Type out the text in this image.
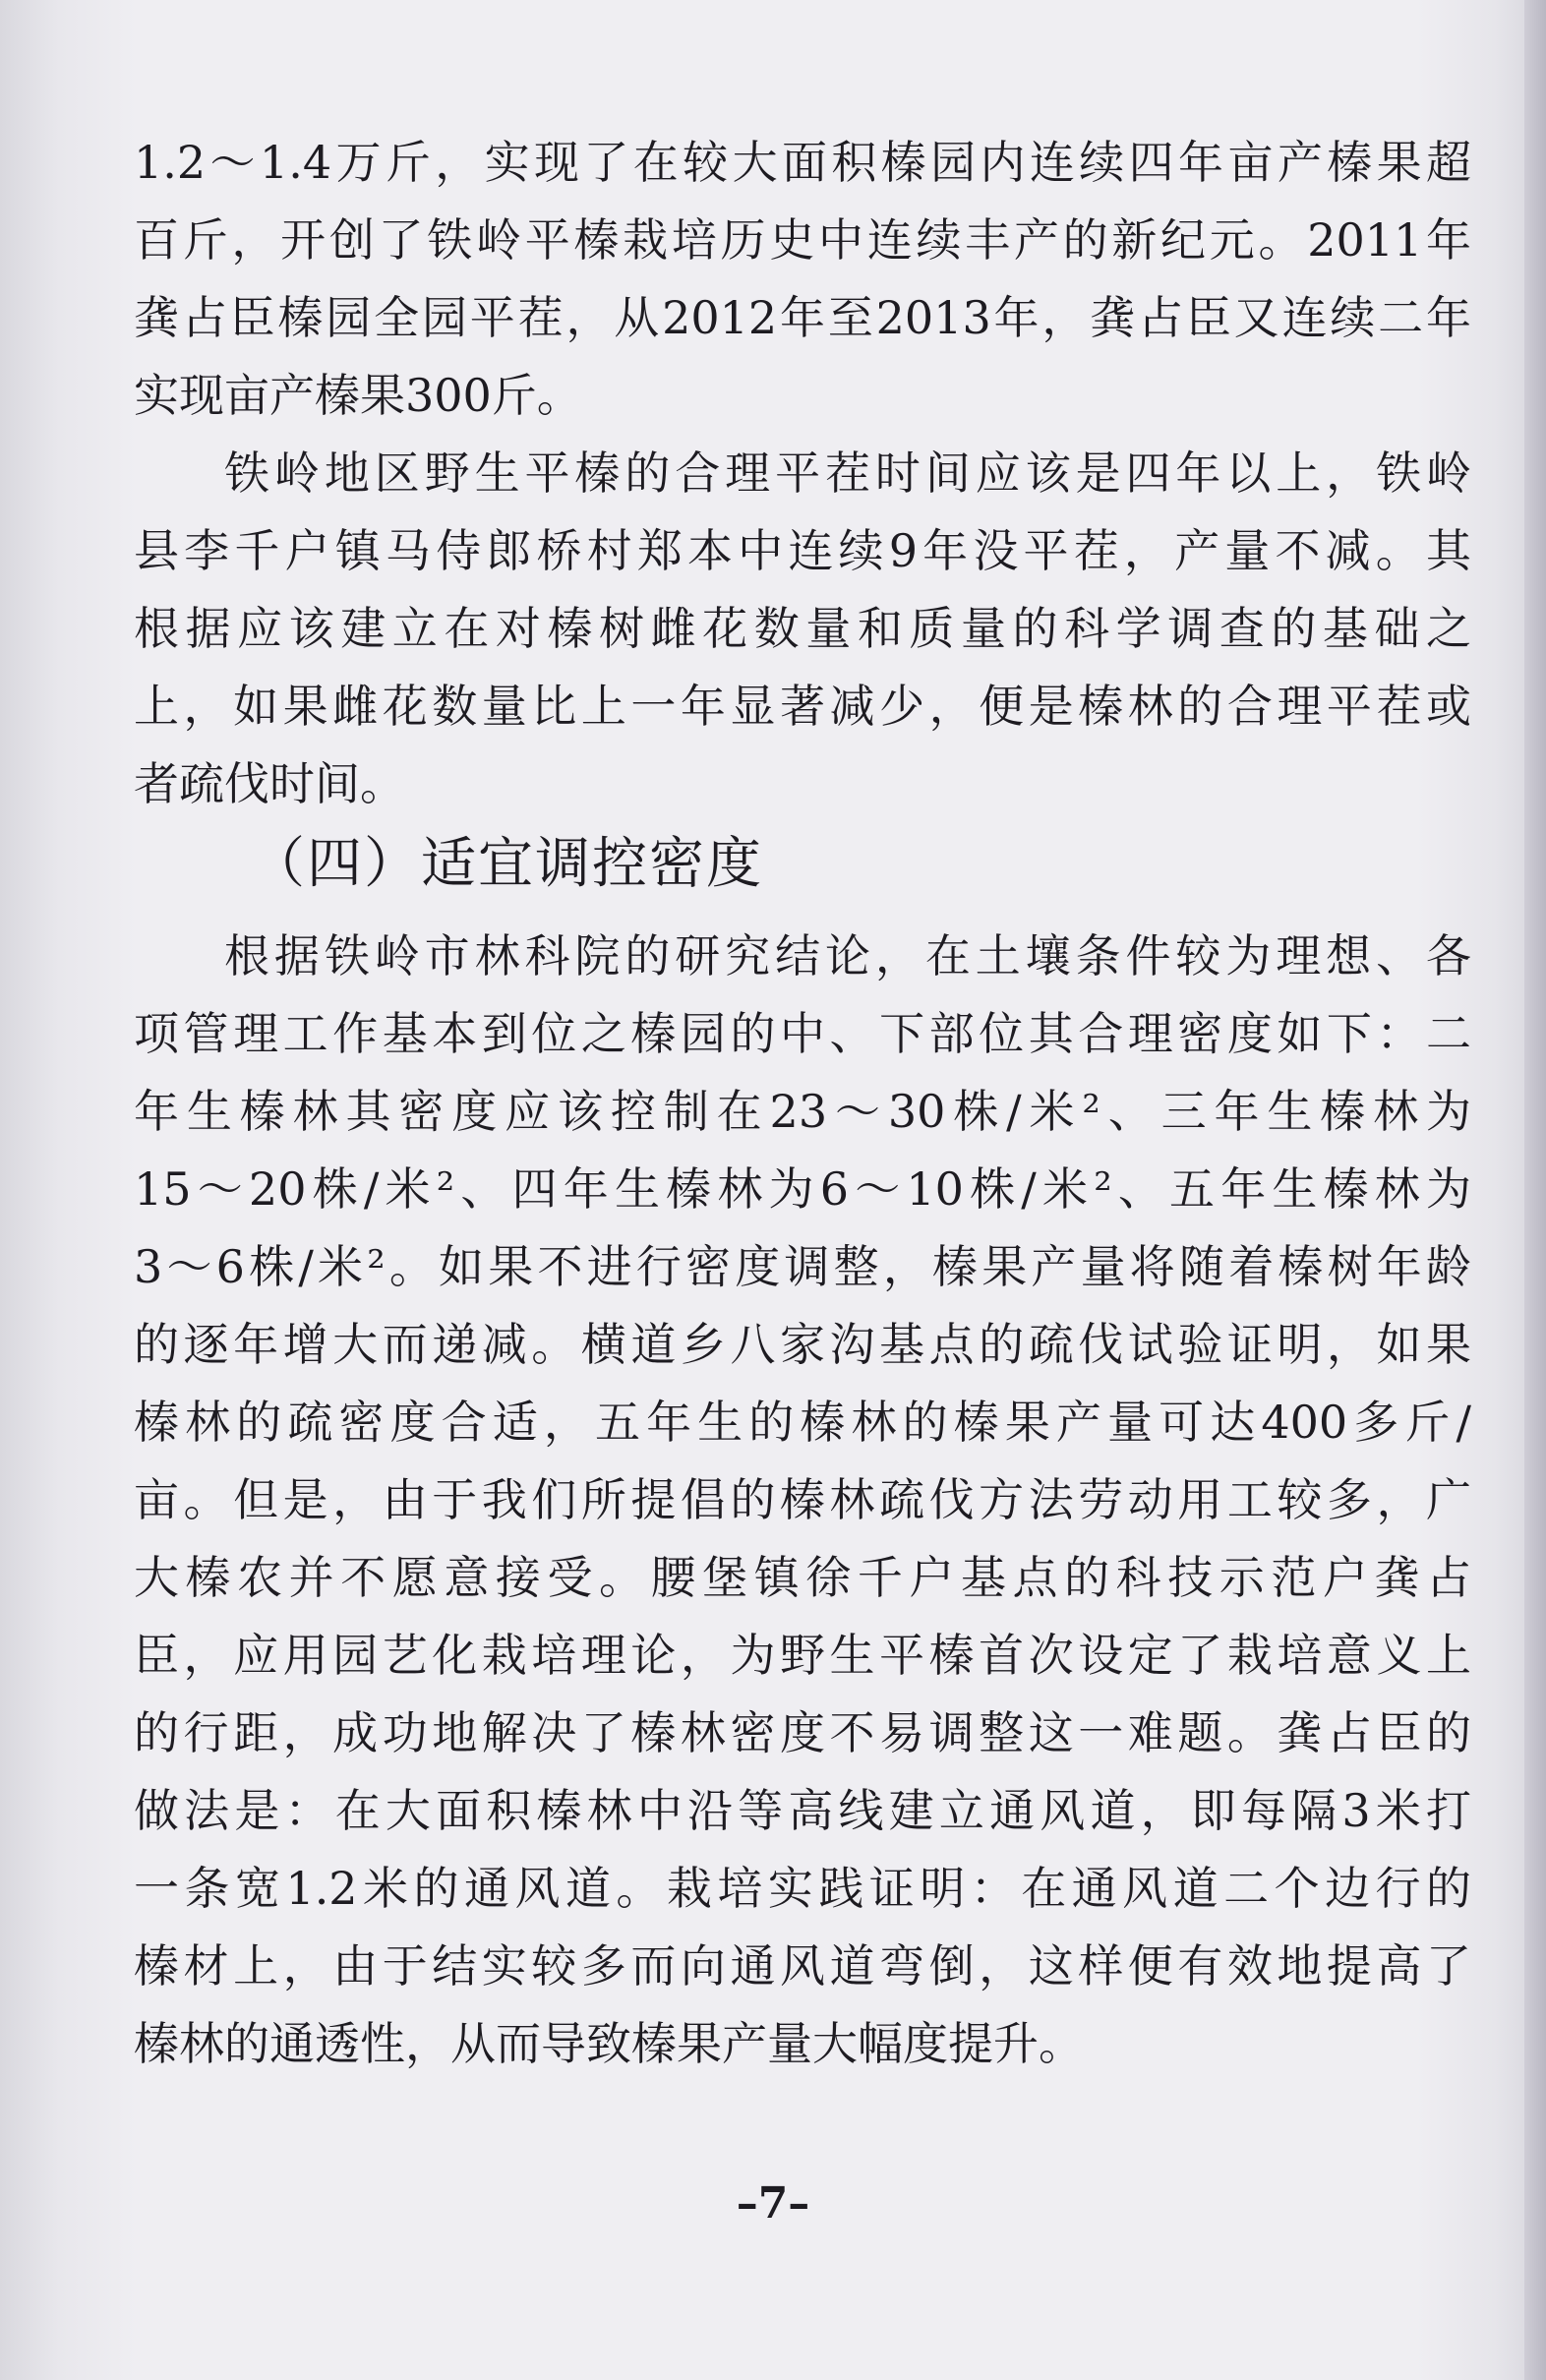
1.2～1.4万斤，实现了在较大面积榛园内连续四年亩产榛果超
百斤，开创了铁岭平榛栽培历史中连续丰产的新纪元。2011年
龚占臣榛园全园平茬，从2012年至2013年，龚占臣又连续二年
实现亩产榛果300斤。
铁岭地区野生平榛的合理平茬时间应该是四年以上，铁岭
县李千户镇马侍郎桥村郑本中连续9年没平茬，产量不减。其
根据应该建立在对榛树雌花数量和质量的科学调查的基础之
上，如果雌花数量比上一年显著减少，便是榛林的合理平茬或
者疏伐时间。
（四）适宜调控密度
根据铁岭市林科院的研究结论，在土壤条件较为理想、各
项管理工作基本到位之榛园的中、下部位其合理密度如下：二
年生榛林其密度应该控制在23～30株/米²、三年生榛林为
15～20株/米²、四年生榛林为6～10株/米²、五年生榛林为
3～6株/米²。如果不进行密度调整，榛果产量将随着榛树年龄
的逐年增大而递减。横道乡八家沟基点的疏伐试验证明，如果
榛林的疏密度合适，五年生的榛林的榛果产量可达400多斤/
亩。但是，由于我们所提倡的榛林疏伐方法劳动用工较多，广
大榛农并不愿意接受。腰堡镇徐千户基点的科技示范户龚占
臣，应用园艺化栽培理论，为野生平榛首次设定了栽培意义上
的行距，成功地解决了榛林密度不易调整这一难题。龚占臣的
做法是：在大面积榛林中沿等高线建立通风道，即每隔3米打
一条宽1.2米的通风道。栽培实践证明：在通风道二个边行的
榛材上，由于结实较多而向通风道弯倒，这样便有效地提高了
榛林的通透性，从而导致榛果产量大幅度提升。
–7–
